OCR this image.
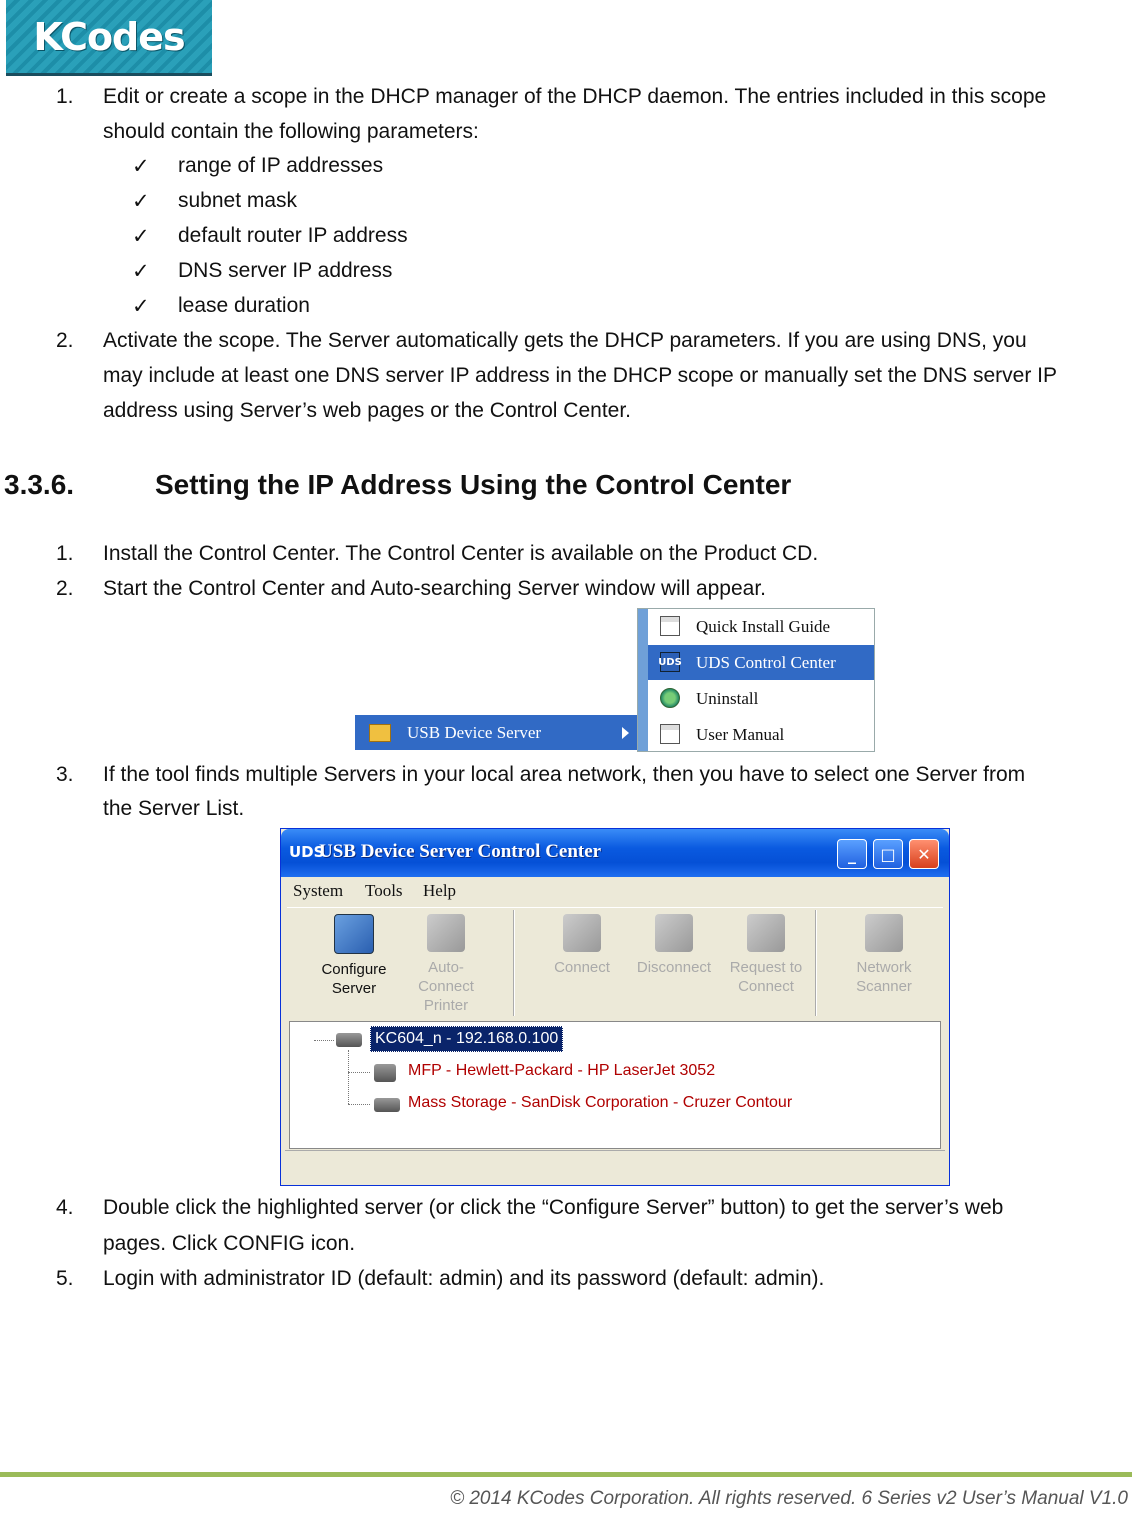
KCodes
1. Edit or create a scope in the DHCP manager of the DHCP daemon. The entries included in this scope
should contain the following parameters:
✓ range of IP addresses
✓ subnet mask
✓ default router IP address
✓ DNS server IP address
✓ lease duration
2. Activate the scope. The Server automatically gets the DHCP parameters. If you are using DNS, you
may include at least one DNS server IP address in the DHCP scope or manually set the DNS server IP
address using Server’s web pages or the Control Center.
3.3.6.	Setting the IP Address Using the Control Center
1. Install the Control Center. The Control Center is available on the Product CD.
2. Start the Control Center and Auto-searching Server window will appear.
USB Device Server
Quick Install Guide
UDS UDS Control Center
Uninstall
User Manual
3. If the tool finds multiple Servers in your local area network, then you have to select one Server from
the Server List.
UDS
USB Device Server Control Center	_	□	✕
System Tools Help
Configure
Server
Auto-Connect
Printer
Connect	Disconnect	Request to
Connect
Network
Scanner
KC604_n - 192.168.0.100
MFP - Hewlett-Packard - HP LaserJet 3052
Mass Storage - SanDisk Corporation - Cruzer Contour
4. Double click the highlighted server (or click the “Configure Server” button) to get the server’s web
pages. Click CONFIG icon.
5. Login with administrator ID (default: admin) and its password (default: admin).
© 2014 KCodes Corporation. All rights reserved. 6 Series v2 User’s Manual V1.0
